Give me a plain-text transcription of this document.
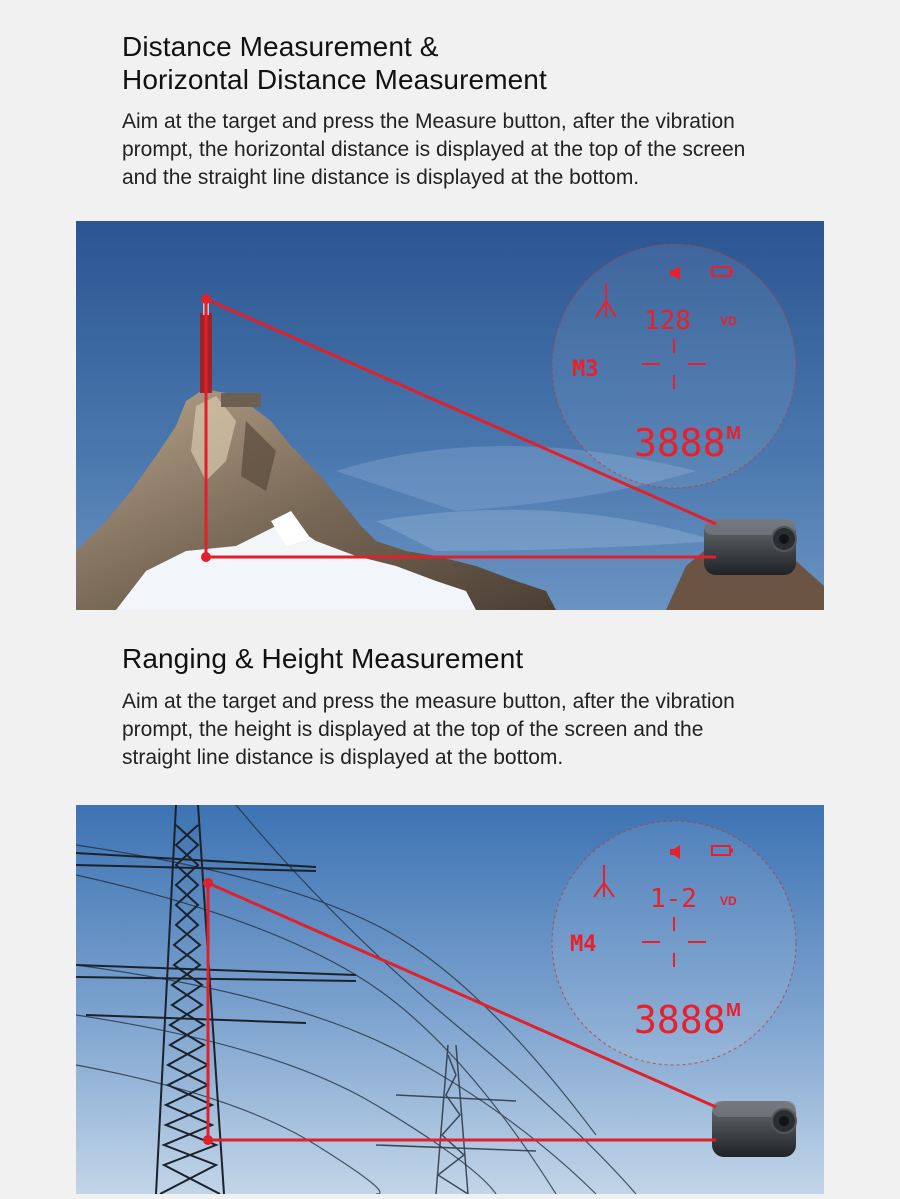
Distance Measurement &
Horizontal Distance Measurement

Aim at the target and press the Measure button, after the vibration
prompt, the horizontal distance is displayed at the top of the screen
and the straight line distance is displayed at the bottom.

128 VD
M3
3888 M
Ranging & Height Measurement

Aim at the target and press the measure button, after the vibration
prompt, the height is displayed at the top of the screen and the
straight line distance is displayed at the bottom.

1-2 VD
M4
3888 M
